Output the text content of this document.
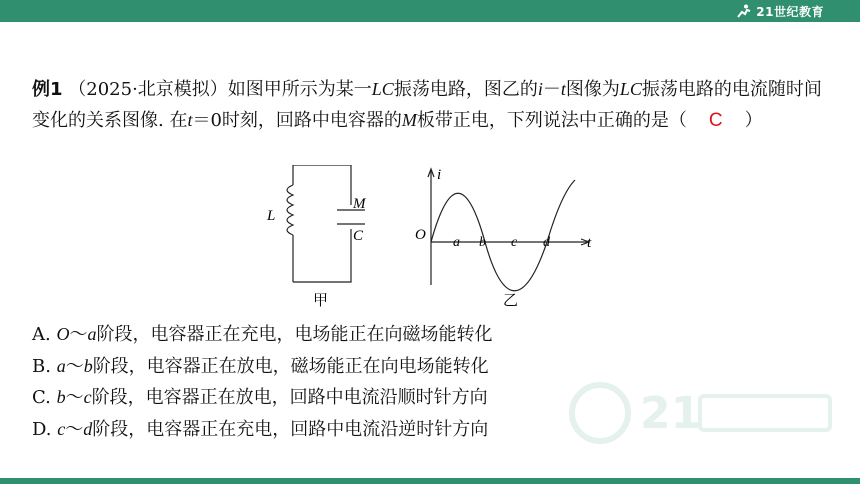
21世纪教育
例1 （2025·北京模拟）如图甲所示为某一LC振荡电路，图乙的i－t图像为LC振荡电路的电流随时间变化的关系图像. 在t＝0时刻，回路中电容器的M板带正电，下列说法中正确的是（ C ）
L
M
C
i
O	t
a b c d
甲	乙
A. O～a阶段，电容器正在充电，电场能正在向磁场能转化
B. a～b阶段，电容器正在放电，磁场能正在向电场能转化
C. b～c阶段，电容器正在放电，回路中电流沿顺时针方向
D. c～d阶段，电容器正在充电，回路中电流沿逆时针方向	21
